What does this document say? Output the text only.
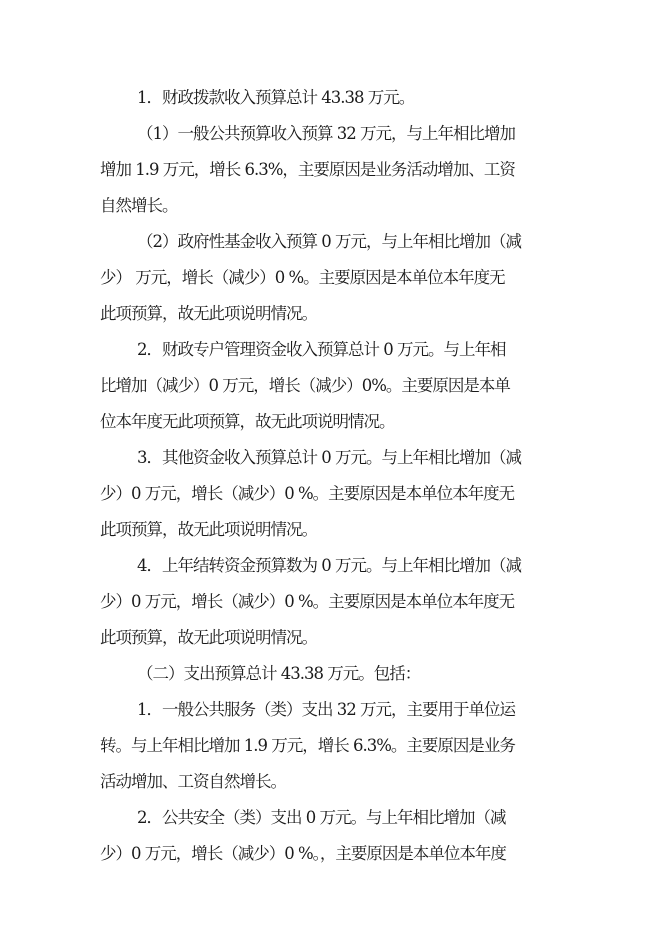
1．财政拨款收入预算总计 43.38 万元。
（1）一般公共预算收入预算 32 万元，与上年相比增加
增加 1.9 万元，增长 6.3%，主要原因是业务活动增加、工资
自然增长。
（2）政府性基金收入预算 0 万元，与上年相比增加（减
少） 万元，增长（减少）0 %。主要原因是本单位本年度无
此项预算，故无此项说明情况。
2．财政专户管理资金收入预算总计 0 万元。与上年相
比增加（减少）0 万元，增长（减少）0%。主要原因是本单
位本年度无此项预算，故无此项说明情况。
3．其他资金收入预算总计 0 万元。与上年相比增加（减
少）0 万元，增长（减少）0 %。主要原因是本单位本年度无
此项预算，故无此项说明情况。
4．上年结转资金预算数为 0 万元。与上年相比增加（减
少）0 万元，增长（减少）0 %。主要原因是本单位本年度无
此项预算，故无此项说明情况。
（二）支出预算总计 43.38 万元。包括：
1．一般公共服务（类）支出 32 万元，主要用于单位运
转。与上年相比增加 1.9 万元，增长 6.3%。主要原因是业务
活动增加、工资自然增长。
2．公共安全（类）支出 0 万元。与上年相比增加（减
少）0 万元，增长（减少）0 %。，主要原因是本单位本年度
